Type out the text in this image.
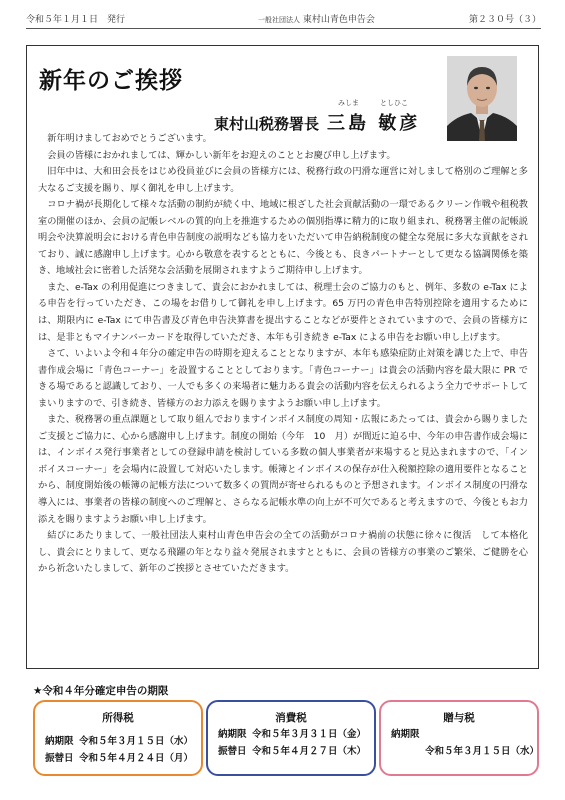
令和５年１月１日　発行	一般社団法人 東村山青色申告会	第２３０号（３）
新年のご挨拶
みしま	としひこ
東村山税務署長 三島 敏彦

新年明けましておめでとうございます。

会員の皆様におかれましては、輝かしい新年をお迎えのこととお慶び申し上げます。

旧年中は、大和田会長をはじめ役員並びに会員の皆様方には、税務行政の円滑な運営に対しまして格別のご理解と多大なるご支援を賜り、厚く御礼を申し上げます。

コロナ禍が長期化して様々な活動の制約が続く中、地域に根ざした社会貢献活動の一環であるクリーン作戦や租税教室の開催のほか、会員の記帳レベルの質的向上を推進するための個別指導に精力的に取り組まれ、税務署主催の記帳説明会や決算説明会における青色申告制度の説明なども協力をいただいて申告納税制度の健全な発展に多大な貢献をされており、誠に感謝申し上げます。心から敬意を表するとともに、今後とも、良きパートナーとして更なる協調関係を築き、地域社会に密着した活発な会活動を展開されますようご期待申し上げます。

また、e-Tax の利用促進につきまして、貴会におかれましては、税理士会のご協力のもと、例年、多数の e-Tax による申告を行っていただき、この場をお借りして御礼を申し上げます。65 万円の青色申告特別控除を適用するためには、期限内に e-Tax にて申告書及び青色申告決算書を提出することなどが要件とされていますので、会員の皆様方には、是非ともマイナンバーカードを取得していただき、本年も引き続き e-Tax による申告をお願い申し上げます。

さて、いよいよ令和４年分の確定申告の時期を迎えることとなりますが、本年も感染症防止対策を講じた上で、申告書作成会場に「青色コーナー」を設置することとしております。「青色コーナー」は貴会の活動内容を最大限に PR できる場であると認識しており、一人でも多くの来場者に魅力ある貴会の活動内容を伝えられるよう全力でサポートしてまいりますので、引き続き、皆様方のお力添えを賜りますようお願い申し上げます。

また、税務署の重点課題として取り組んでおりますインボイス制度の周知・広報にあたっては、貴会から賜りましたご支援とご協力に、心から感謝申し上げます。制度の開始（今年　10　月）が間近に迫る中、今年の申告書作成会場には、インボイス発行事業者としての登録申請を検討している多数の個人事業者が来場すると見込まれますので、「インボイスコーナー」を会場内に設置して対応いたします。帳簿とインボイスの保存が仕入税額控除の適用要件となることから、制度開始後の帳簿の記帳方法について数多くの質問が寄せられるものと予想されます。インボイス制度の円滑な導入には、事業者の皆様の制度へのご理解と、さらなる記帳水準の向上が不可欠であると考えますので、今後ともお力添えを賜りますようお願い申し上げます。

結びにあたりまして、一般社団法人東村山青色申告会の全ての活動がコロナ禍前の状態に徐々に復活　して本格化し、貴会にとりまして、更なる飛躍の年となり益々発展されますとともに、会員の皆様方の事業のご繁栄、ご健勝を心から祈念いたしまして、新年のご挨拶とさせていただきます。

★令和４年分確定申告の期限
所得税
納期限 令和５年３月１５日（水）
振替日 令和５年４月２４日（月）
消費税
納期限 令和５年３月３１日（金）
振替日 令和５年４月２７日（木）
贈与税
納期限
令和５年３月１５日（水）
